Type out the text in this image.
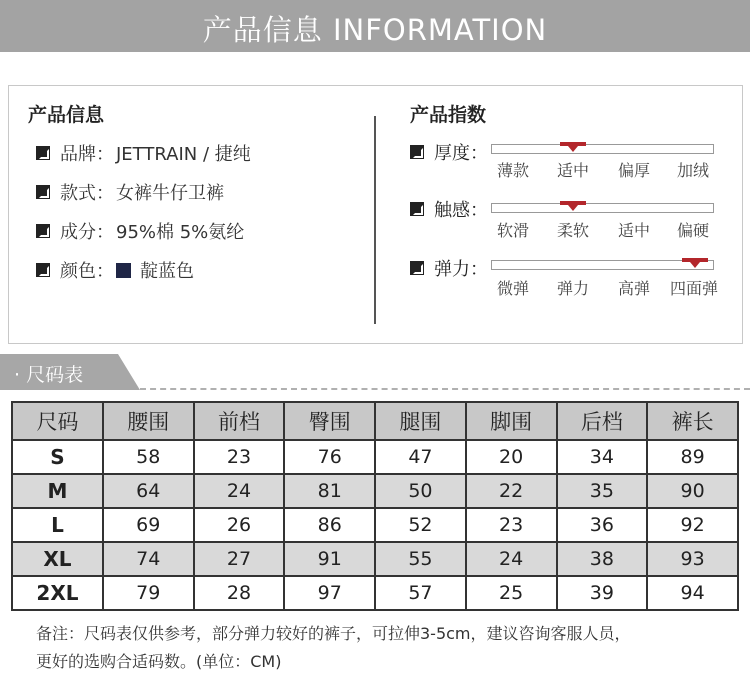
产品信息 INFORMATION
产品信息
品牌： JETTRAIN / 捷纯
款式： 女裤牛仔卫裤
成分： 95%棉 5%氨纶
颜色： 靛蓝色
产品指数
厚度：
薄款 适中 偏厚 加绒
触感：
软滑 柔软 适中 偏硬
弹力：
微弹 弹力 高弹 四面弹
· 尺码表
尺码	腰围	前档	臀围	腿围	脚围	后档	裤长
S	58	23	76	47	20	34	89
M	64	24	81	50	22	35	90
L	69	26	86	52	23	36	92
XL	74	27	91	55	24	38	93
2XL	79	28	97	57	25	39	94
备注：尺码表仅供参考，部分弹力较好的裤子，可拉伸3-5cm，建议咨询客服人员，
更好的选购合适码数。(单位：CM)
